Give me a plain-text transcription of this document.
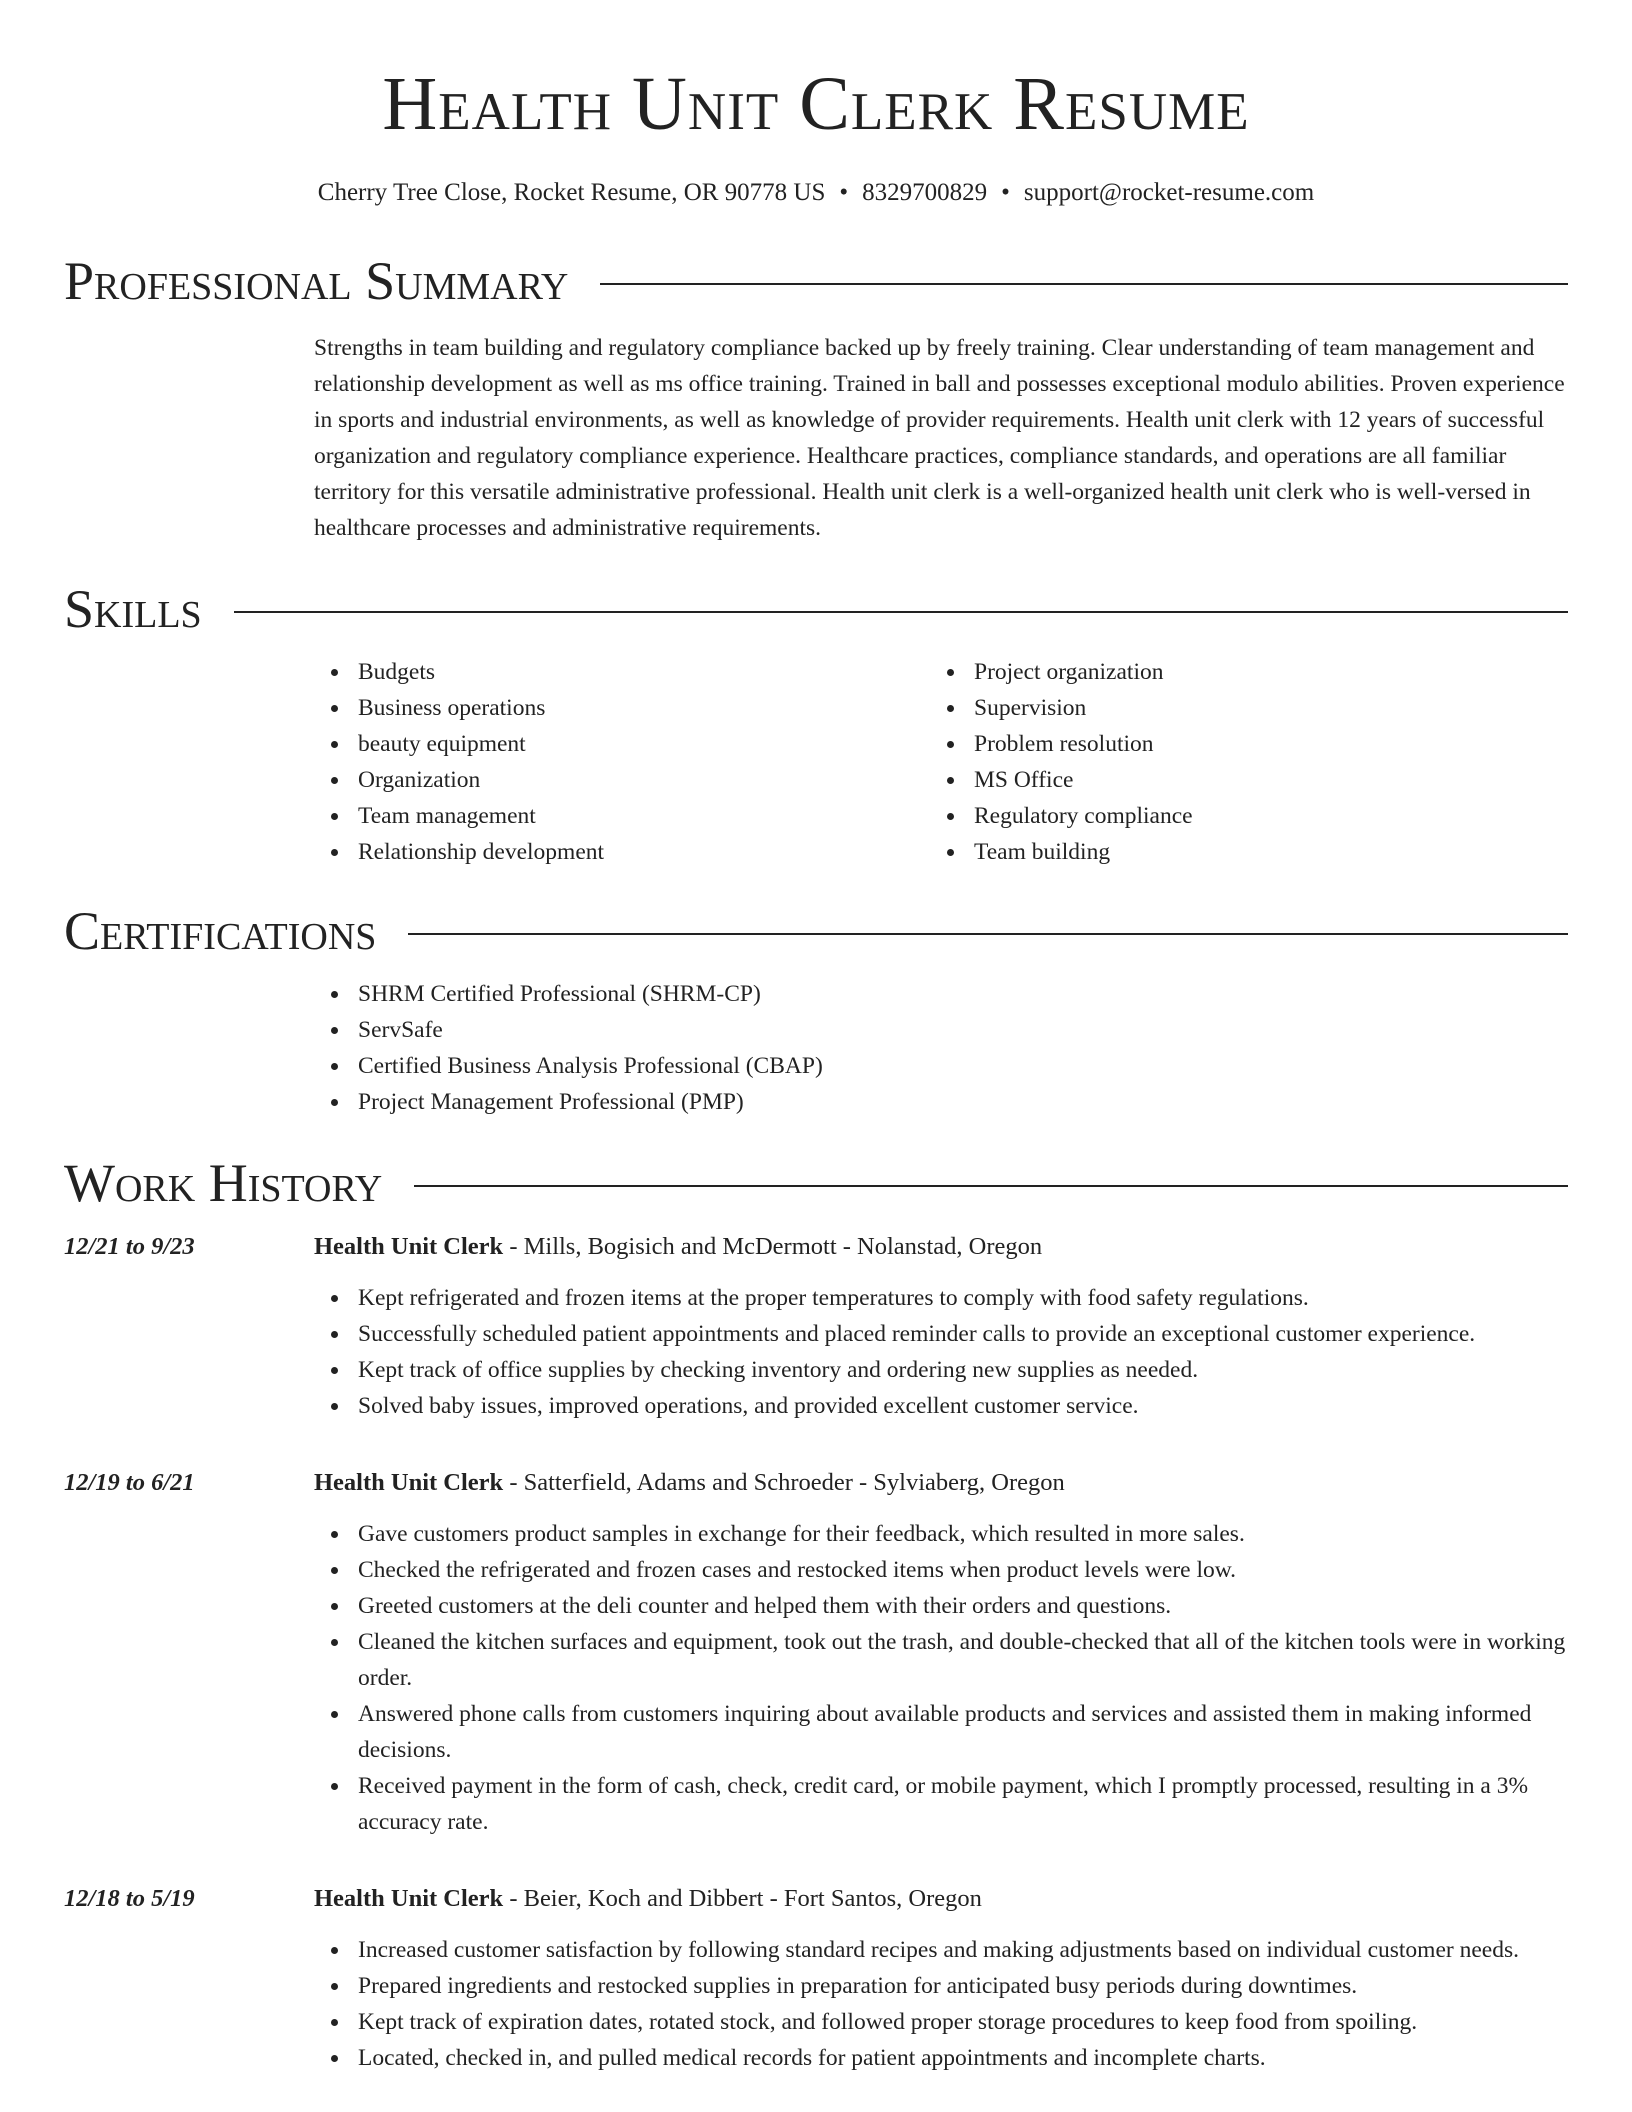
Health Unit Clerk Resume
Cherry Tree Close, Rocket Resume, OR 90778 US • 8329700829 • support@rocket-resume.com
Professional Summary

Strengths in team building and regulatory compliance backed up by freely training. Clear understanding of team management and relationship development as well as ms office training. Trained in ball and possesses exceptional modulo abilities. Proven experience in sports and industrial environments, as well as knowledge of provider requirements. Health unit clerk with 12 years of successful organization and regulatory compliance experience. Healthcare practices, compliance standards, and operations are all familiar territory for this versatile administrative professional. Health unit clerk is a well-organized health unit clerk who is well-versed in healthcare processes and administrative requirements.

Skills
Budgets
Business operations
beauty equipment
Organization
Team management
Relationship development
Project organization
Supervision
Problem resolution
MS Office
Regulatory compliance
Team building
Certifications
SHRM Certified Professional (SHRM-CP)
ServSafe
Certified Business Analysis Professional (CBAP)
Project Management Professional (PMP)
Work History
12/21 to 9/23	Health Unit Clerk - Mills, Bogisich and McDermott - Nolanstad, Oregon
Kept refrigerated and frozen items at the proper temperatures to comply with food safety regulations.
Successfully scheduled patient appointments and placed reminder calls to provide an exceptional customer experience.
Kept track of office supplies by checking inventory and ordering new supplies as needed.
Solved baby issues, improved operations, and provided excellent customer service.
12/19 to 6/21	Health Unit Clerk - Satterfield, Adams and Schroeder - Sylviaberg, Oregon
Gave customers product samples in exchange for their feedback, which resulted in more sales.
Checked the refrigerated and frozen cases and restocked items when product levels were low.
Greeted customers at the deli counter and helped them with their orders and questions.
Cleaned the kitchen surfaces and equipment, took out the trash, and double-checked that all of the kitchen tools were in working order.
Answered phone calls from customers inquiring about available products and services and assisted them in making informed decisions.
Received payment in the form of cash, check, credit card, or mobile payment, which I promptly processed, resulting in a 3% accuracy rate.
12/18 to 5/19	Health Unit Clerk - Beier, Koch and Dibbert - Fort Santos, Oregon
Increased customer satisfaction by following standard recipes and making adjustments based on individual customer needs.
Prepared ingredients and restocked supplies in preparation for anticipated busy periods during downtimes.
Kept track of expiration dates, rotated stock, and followed proper storage procedures to keep food from spoiling.
Located, checked in, and pulled medical records for patient appointments and incomplete charts.
